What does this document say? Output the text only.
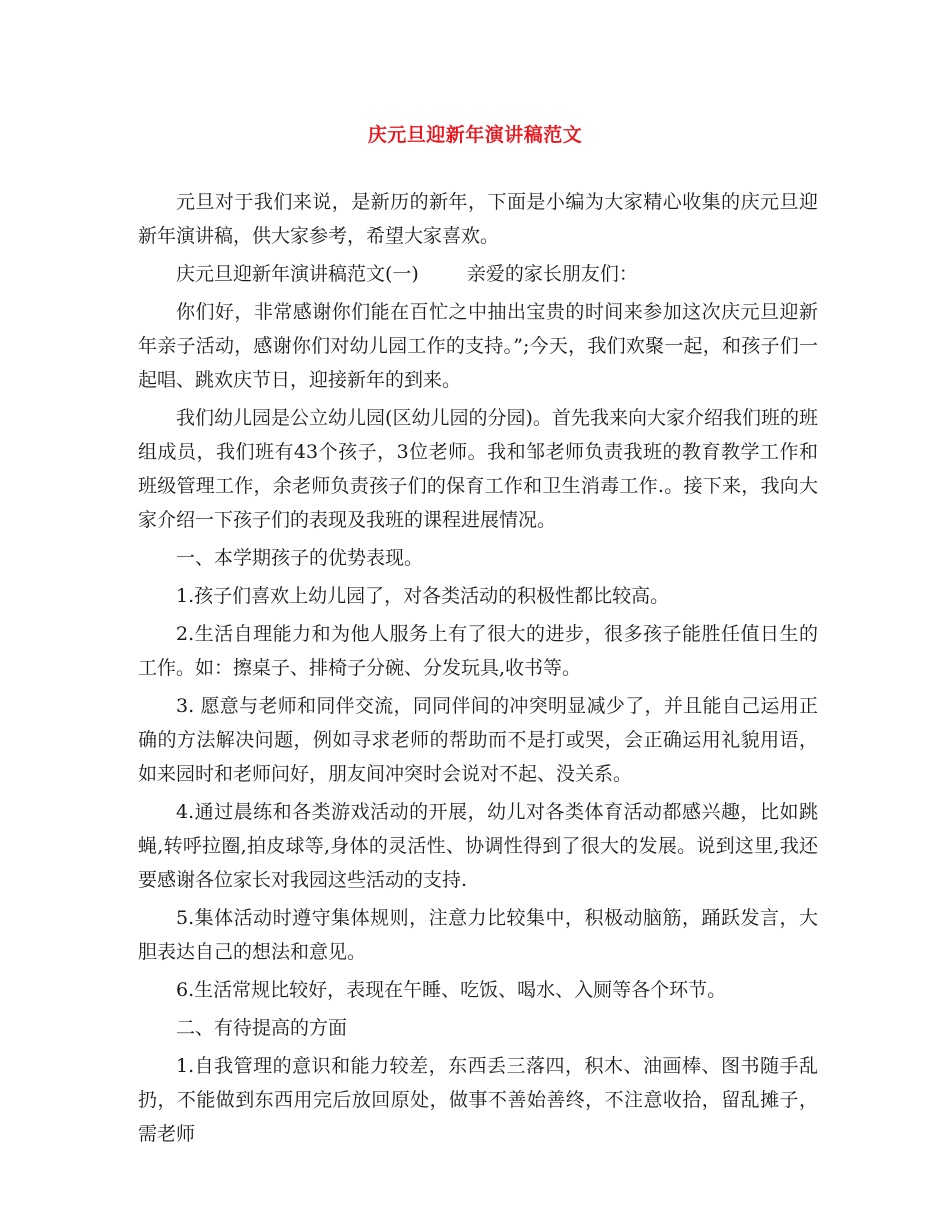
庆元旦迎新年演讲稿范文

元旦对于我们来说，是新历的新年，下面是小编为大家精心收集的庆元旦迎新年演讲稿，供大家参考，希望大家喜欢。

庆元旦迎新年演讲稿范文(一)	亲爱的家长朋友们：

你们好，非常感谢你们能在百忙之中抽出宝贵的时间来参加这次庆元旦迎新年亲子活动，感谢你们对幼儿园工作的支持。”;今天，我们欢聚一起，和孩子们一起唱、跳欢庆节日，迎接新年的到来。

我们幼儿园是公立幼儿园(区幼儿园的分园)。首先我来向大家介绍我们班的班组成员，我们班有43个孩子，3位老师。我和邹老师负责我班的教育教学工作和班级管理工作，余老师负责孩子们的保育工作和卫生消毒工作.。接下来，我向大家介绍一下孩子们的表现及我班的课程进展情况。

一、本学期孩子的优势表现。

1.孩子们喜欢上幼儿园了，对各类活动的积极性都比较高。

2.生活自理能力和为他人服务上有了很大的进步，很多孩子能胜任值日生的工作。如：擦桌子、排椅子分碗、分发玩具,收书等。

3. 愿意与老师和同伴交流，同同伴间的冲突明显减少了，并且能自己运用正确的方法解决问题，例如寻求老师的帮助而不是打或哭，会正确运用礼貌用语，如来园时和老师问好，朋友间冲突时会说对不起、没关系。

4.通过晨练和各类游戏活动的开展，幼儿对各类体育活动都感兴趣，比如跳蝇,转呼拉圈,拍皮球等,身体的灵活性、协调性得到了很大的发展。说到这里,我还要感谢各位家长对我园这些活动的支持.

5.集体活动时遵守集体规则，注意力比较集中，积极动脑筋，踊跃发言，大胆表达自己的想法和意见。

6.生活常规比较好，表现在午睡、吃饭、喝水、入厕等各个环节。

二、有待提高的方面

1.自我管理的意识和能力较差，东西丢三落四，积木、油画棒、图书随手乱扔，不能做到东西用完后放回原处，做事不善始善终，不注意收拾，留乱摊子，需老师
